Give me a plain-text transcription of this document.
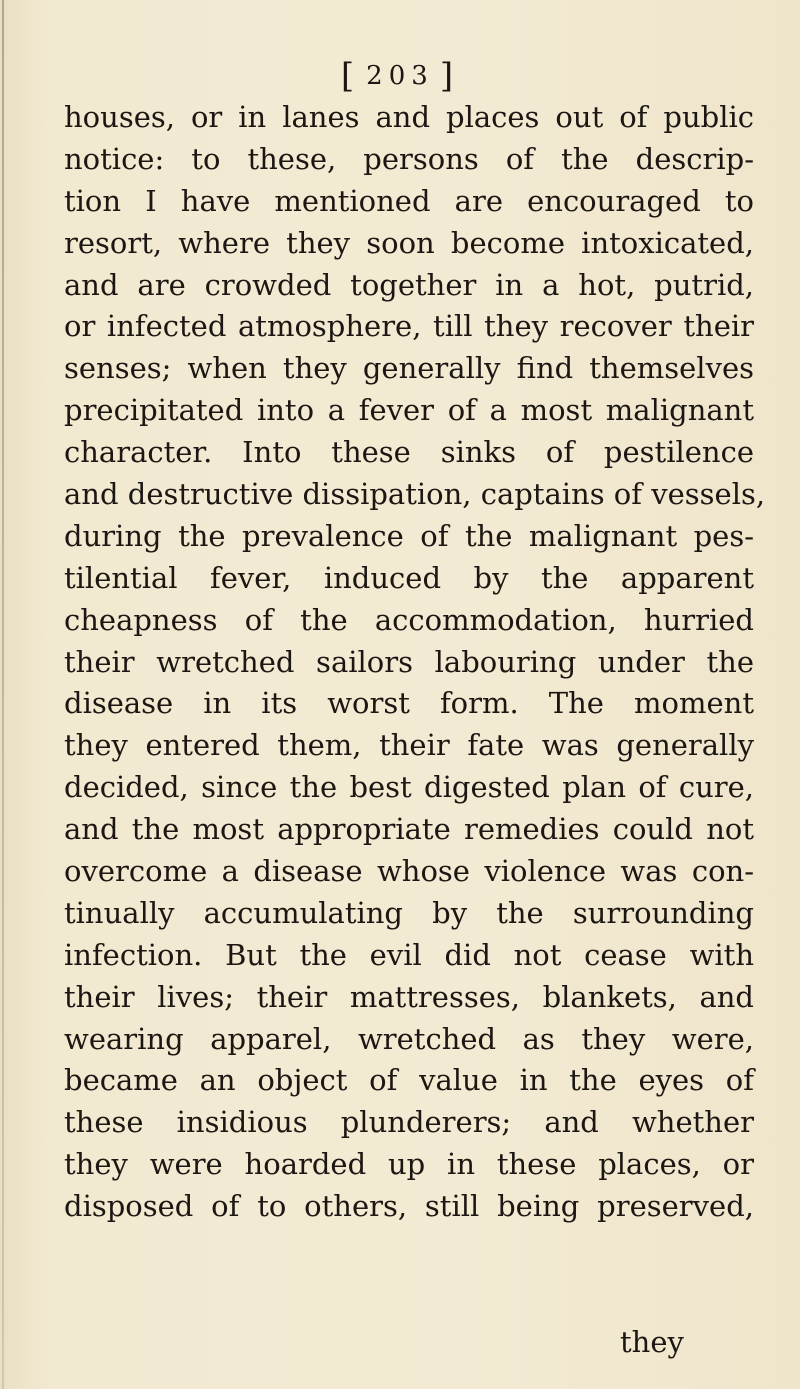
[ 203 ]
houses, or in lanes and places out of public
notice: to these, persons of the descrip-
tion I have mentioned are encouraged to
resort, where they soon become intoxicated,
and are crowded together in a hot, putrid,
or infected atmosphere, till they recover their
senses; when they generally find themselves
precipitated into a fever of a most malignant
character. Into these sinks of pestilence
and destructive dissipation, captains of vessels,
during the prevalence of the malignant pes-
tilential fever, induced by the apparent
cheapness of the accommodation, hurried
their wretched sailors labouring under the
disease in its worst form. The moment
they entered them, their fate was generally
decided, since the best digested plan of cure,
and the most appropriate remedies could not
overcome a disease whose violence was con-
tinually accumulating by the surrounding
infection. But the evil did not cease with
their lives; their mattresses, blankets, and
wearing apparel, wretched as they were,
became an object of value in the eyes of
these insidious plunderers; and whether
they were hoarded up in these places, or
disposed of to others, still being preserved,
they
